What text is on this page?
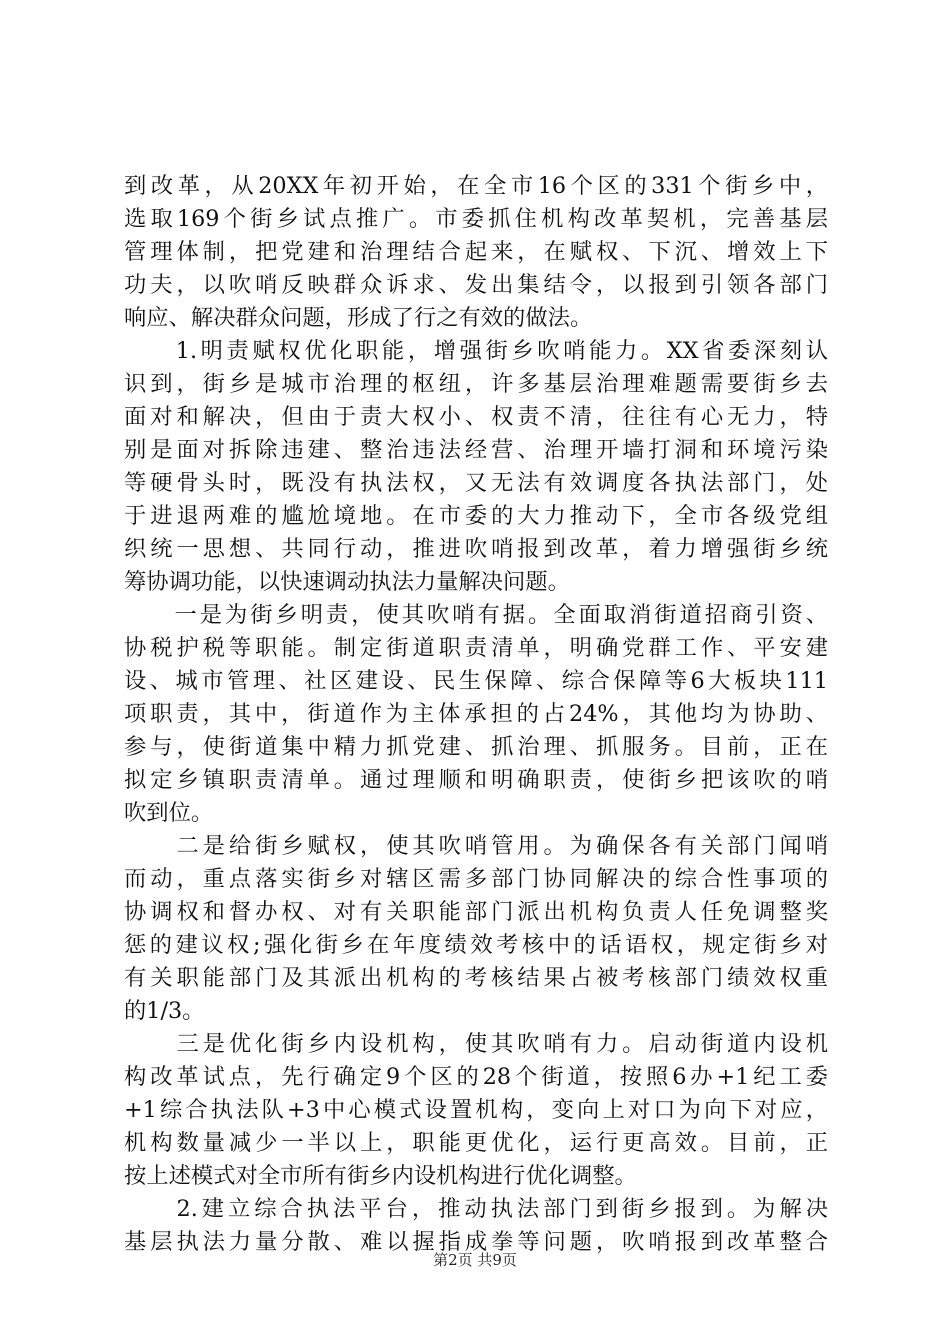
到改革，从20XX年初开始，在全市16个区的331个街乡中，
选取169个街乡试点推广。市委抓住机构改革契机，完善基层
管理体制，把党建和治理结合起来，在赋权、下沉、增效上下
功夫，以吹哨反映群众诉求、发出集结令，以报到引领各部门
响应、解决群众问题，形成了行之有效的做法。
　　1.明责赋权优化职能，增强街乡吹哨能力。XX省委深刻认
识到，街乡是城市治理的枢纽，许多基层治理难题需要街乡去
面对和解决，但由于责大权小、权责不清，往往有心无力，特
别是面对拆除违建、整治违法经营、治理开墙打洞和环境污染
等硬骨头时，既没有执法权，又无法有效调度各执法部门，处
于进退两难的尴尬境地。在市委的大力推动下，全市各级党组
织统一思想、共同行动，推进吹哨报到改革，着力增强街乡统
筹协调功能，以快速调动执法力量解决问题。
　　一是为街乡明责，使其吹哨有据。全面取消街道招商引资、
协税护税等职能。制定街道职责清单，明确党群工作、平安建
设、城市管理、社区建设、民生保障、综合保障等6大板块111
项职责，其中，街道作为主体承担的占24%，其他均为协助、
参与，使街道集中精力抓党建、抓治理、抓服务。目前，正在
拟定乡镇职责清单。通过理顺和明确职责，使街乡把该吹的哨
吹到位。
　　二是给街乡赋权，使其吹哨管用。为确保各有关部门闻哨
而动，重点落实街乡对辖区需多部门协同解决的综合性事项的
协调权和督办权、对有关职能部门派出机构负责人任免调整奖
惩的建议权;强化街乡在年度绩效考核中的话语权，规定街乡对
有关职能部门及其派出机构的考核结果占被考核部门绩效权重
的1/3。
　　三是优化街乡内设机构，使其吹哨有力。启动街道内设机
构改革试点，先行确定9个区的28个街道，按照6办+1纪工委
+1综合执法队+3中心模式设置机构，变向上对口为向下对应，
机构数量减少一半以上，职能更优化，运行更高效。目前，正
按上述模式对全市所有街乡内设机构进行优化调整。
　　2.建立综合执法平台，推动执法部门到街乡报到。为解决
基层执法力量分散、难以握指成拳等问题，吹哨报到改革整合
第2页 共9页
